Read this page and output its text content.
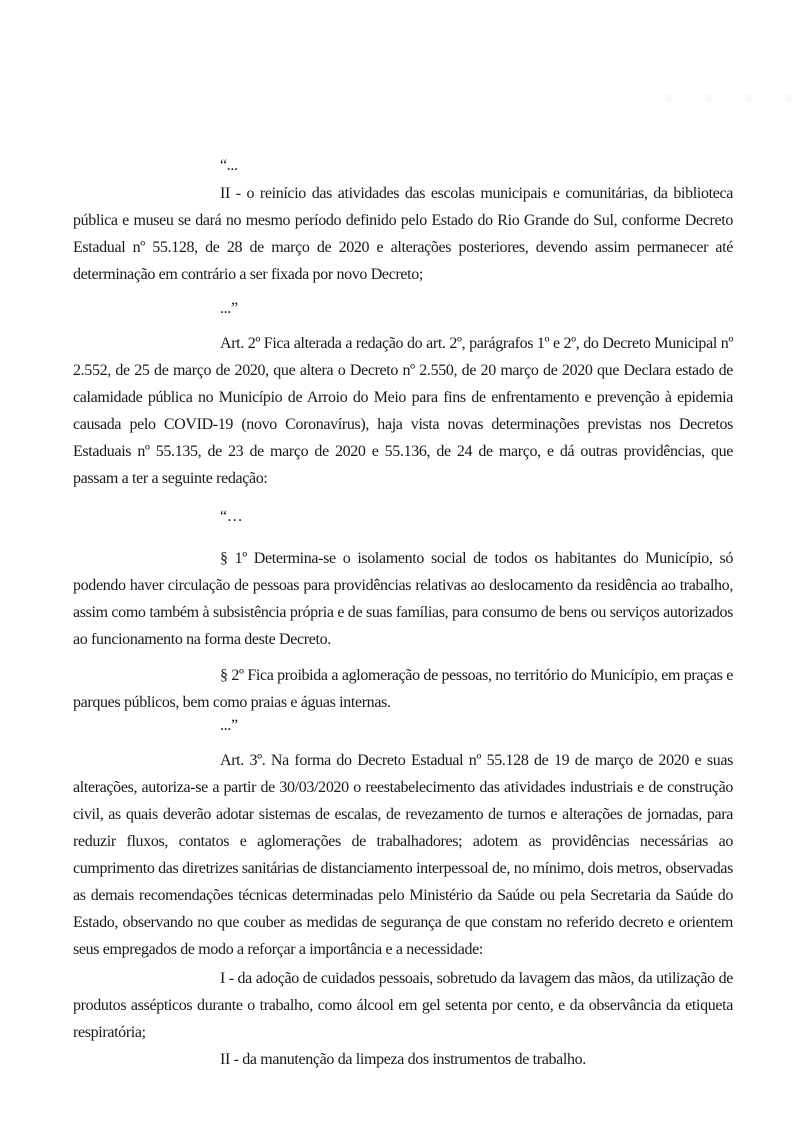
“...

II - o reinício das atividades das escolas municipais e comunitárias, da biblioteca pública e museu se dará no mesmo período definido pelo Estado do Rio Grande do Sul, conforme Decreto Estadual nº 55.128, de 28 de março de 2020 e alterações posteriores, devendo assim permanecer até determinação em contrário a ser fixada por novo Decreto;

...”

Art. 2º Fica alterada a redação do art. 2º, parágrafos 1º e 2º, do Decreto Municipal nº 2.552, de 25 de março de 2020, que altera o Decreto nº 2.550, de 20 março de 2020 que Declara estado de calamidade pública no Município de Arroio do Meio para fins de enfrentamento e prevenção à epidemia causada pelo COVID-19 (novo Coronavírus), haja vista novas determinações previstas nos Decretos Estaduais nº 55.135, de 23 de março de 2020 e 55.136, de 24 de março, e dá outras providências, que passam a ter a seguinte redação:

“…

§ 1º Determina-se o isolamento social de todos os habitantes do Município, só podendo haver circulação de pessoas para providências relativas ao deslocamento da residência ao trabalho, assim como também à subsistência própria e de suas famílias, para consumo de bens ou serviços autorizados ao funcionamento na forma deste Decreto.

§ 2º Fica proibida a aglomeração de pessoas, no território do Município, em praças e parques públicos, bem como praias e águas internas.

...”

Art. 3º. Na forma do Decreto Estadual nº 55.128 de 19 de março de 2020 e suas alterações, autoriza-se a partir de 30/03/2020 o reestabelecimento das atividades industriais e de construção civil, as quais deverão adotar sistemas de escalas, de revezamento de turnos e alterações de jornadas, para reduzir fluxos, contatos e aglomerações de trabalhadores; adotem as providências necessárias ao cumprimento das diretrizes sanitárias de distanciamento interpessoal de, no mínimo, dois metros, observadas as demais recomendações técnicas determinadas pelo Ministério da Saúde ou pela Secretaria da Saúde do Estado, observando no que couber as medidas de segurança de que constam no referido decreto e orientem seus empregados de modo a reforçar a importância e a necessidade:

I - da adoção de cuidados pessoais, sobretudo da lavagem das mãos, da utilização de produtos assépticos durante o trabalho, como álcool em gel setenta por cento, e da observância da etiqueta respiratória;

II - da manutenção da limpeza dos instrumentos de trabalho.
